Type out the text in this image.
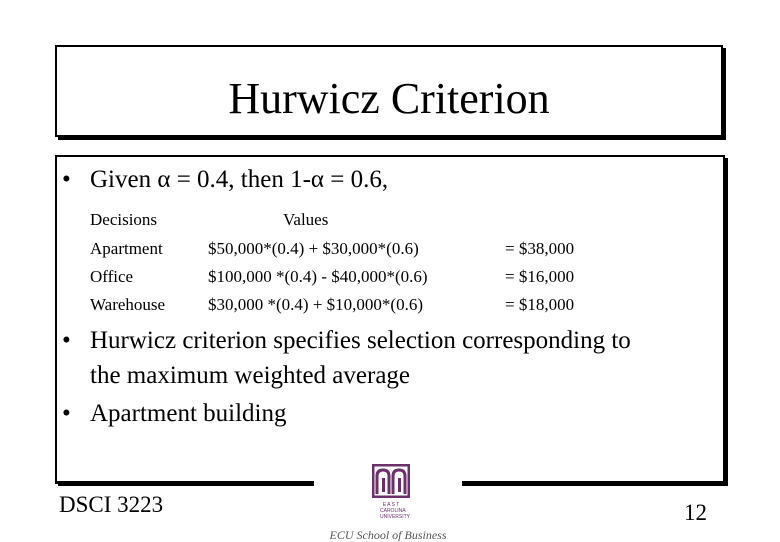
Hurwicz Criterion
• Given α = 0.4, then 1-α = 0.6,
Decisions	Values
Apartment	$50,000*(0.4) + $30,000*(0.6)	= $38,000
Office	$100,000 *(0.4) - $40,000*(0.6)	= $16,000
Warehouse	$30,000 *(0.4) + $10,000*(0.6)	= $18,000
• Hurwicz criterion specifies selection corresponding to
the maximum weighted average
• Apartment building
DSCI 3223	12
E A S T
CAROLINA
UNIVERSITY
ECU School of Business
